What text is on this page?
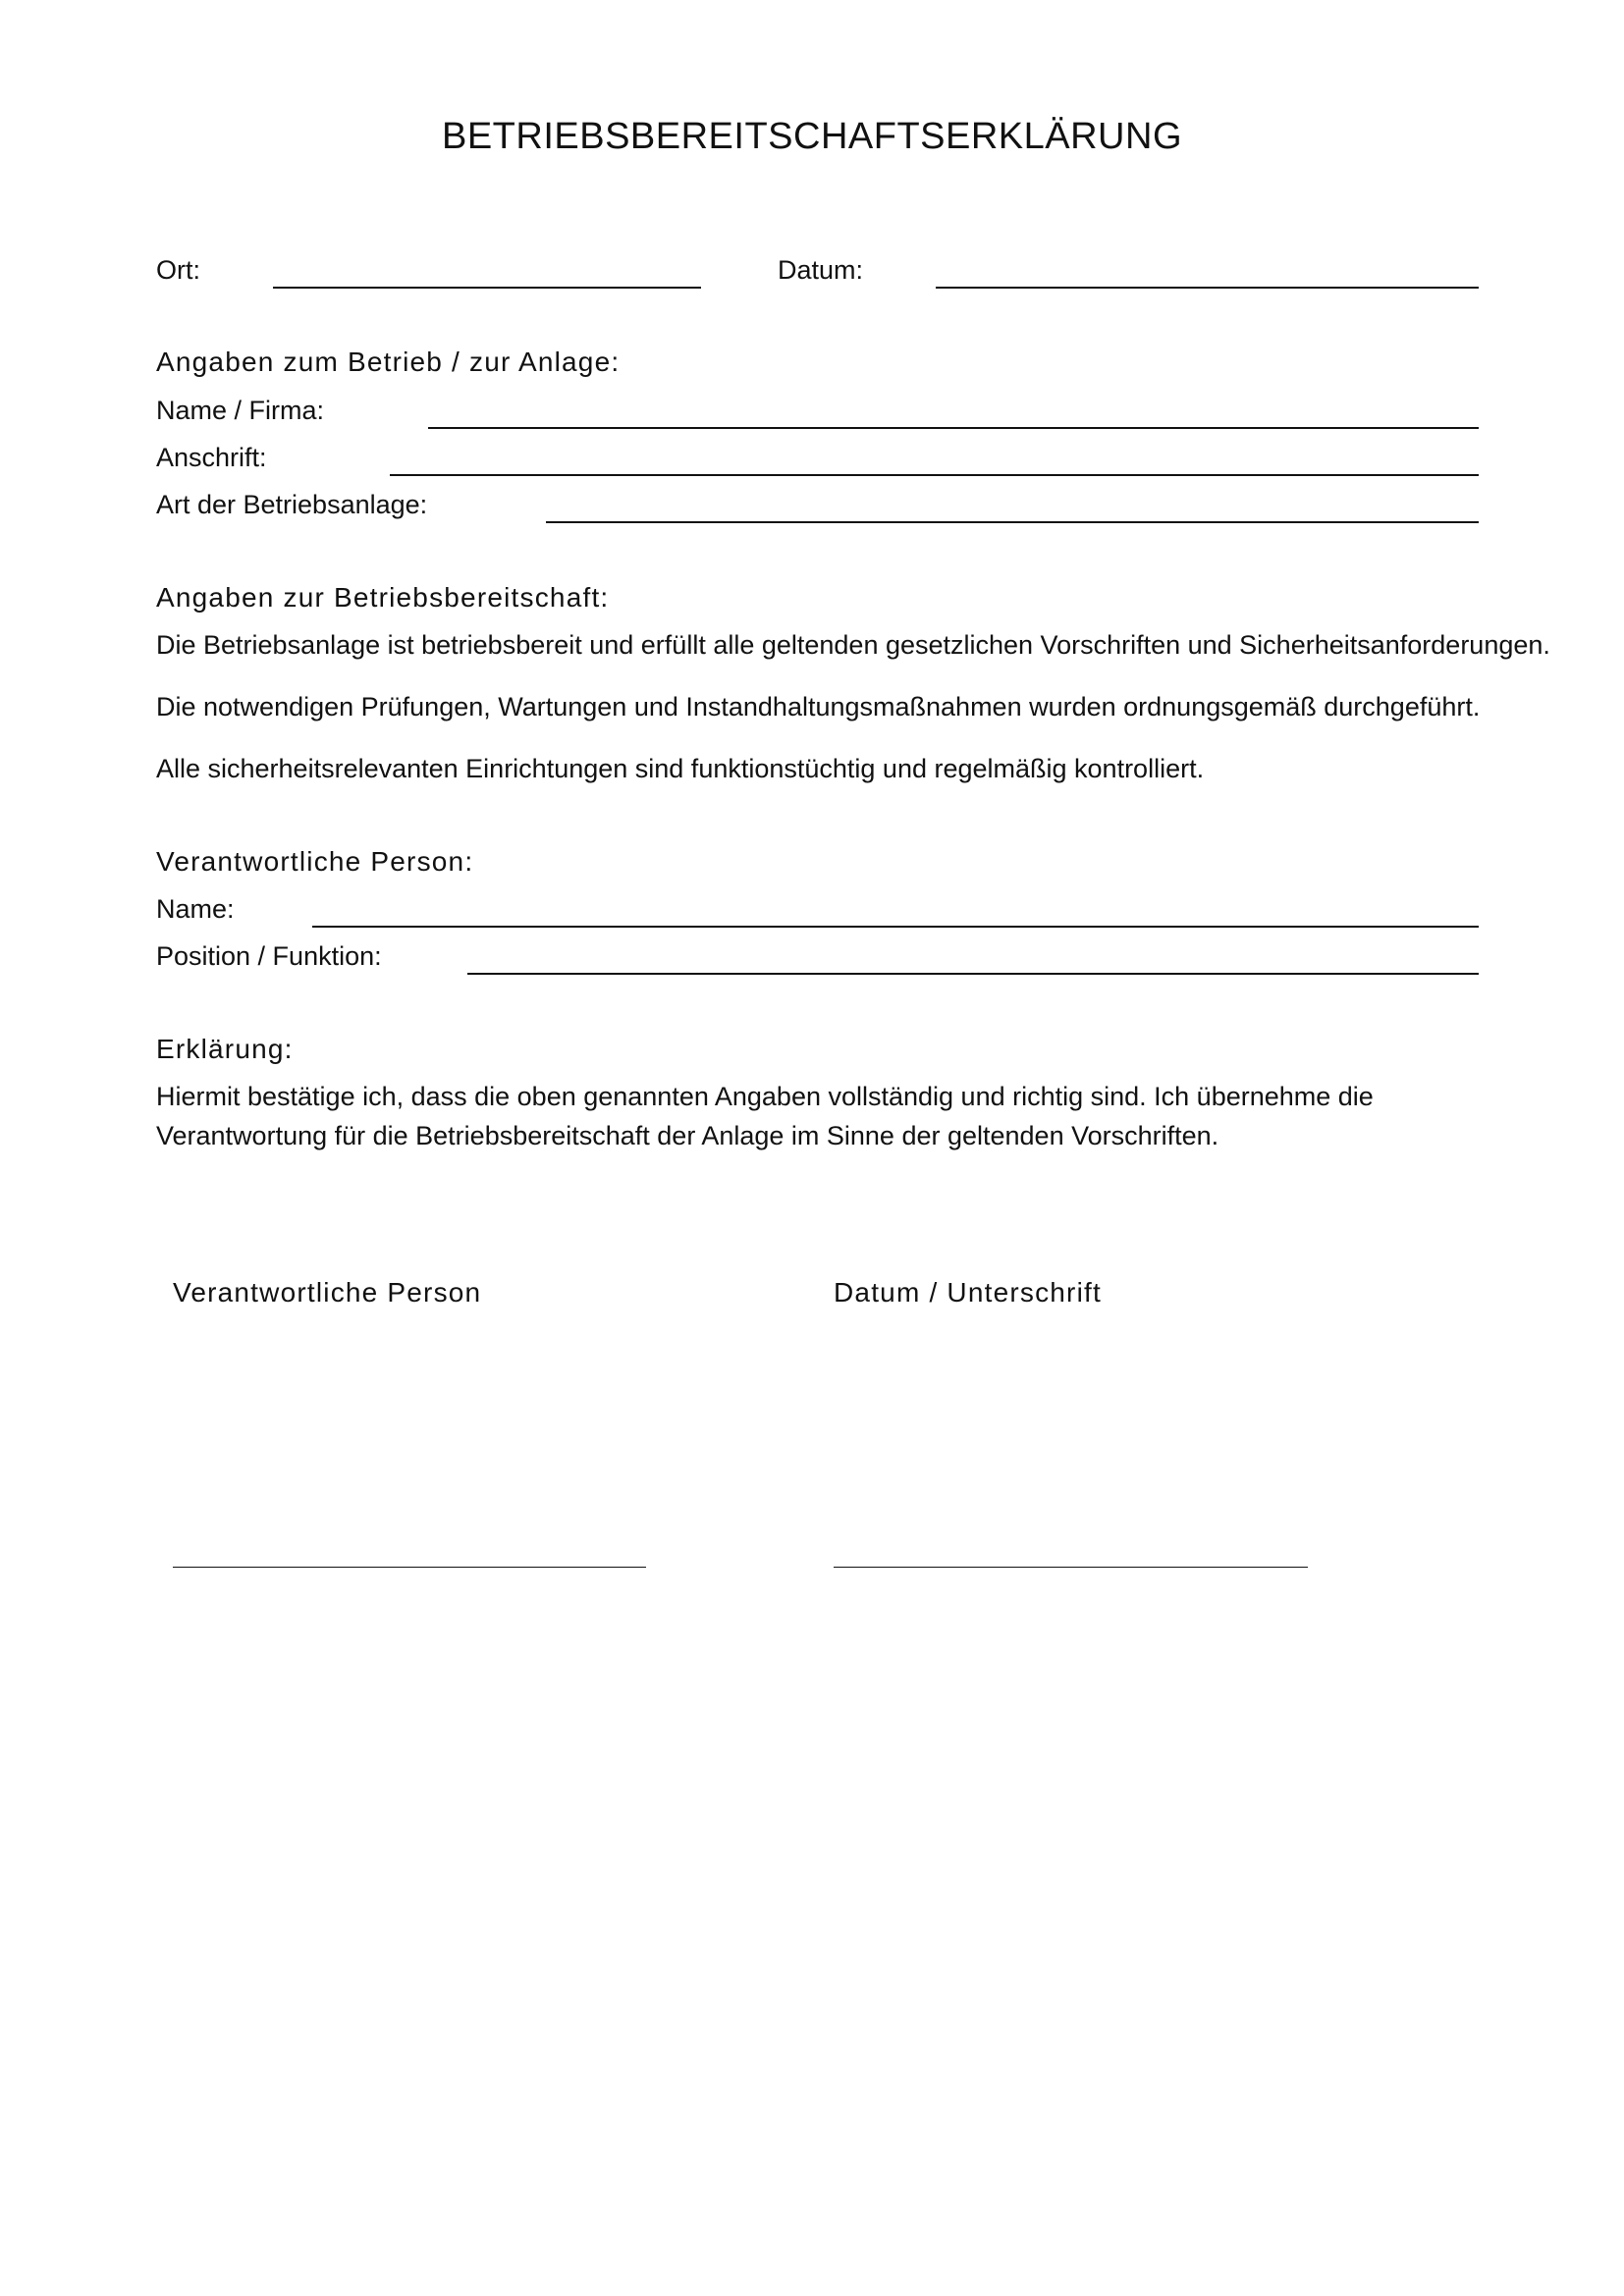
BETRIEBSBEREITSCHAFTSERKLÄRUNG
Ort:	Datum:
Angaben zum Betrieb / zur Anlage:
Name / Firma:
Anschrift:
Art der Betriebsanlage:
Angaben zur Betriebsbereitschaft:
Die Betriebsanlage ist betriebsbereit und erfüllt alle geltenden gesetzlichen Vorschriften und Sicherheitsanforderungen.
Die notwendigen Prüfungen, Wartungen und Instandhaltungsmaßnahmen wurden ordnungsgemäß durchgeführt.
Alle sicherheitsrelevanten Einrichtungen sind funktionstüchtig und regelmäßig kontrolliert.
Verantwortliche Person:
Name:
Position / Funktion:
Erklärung:
Hiermit bestätige ich, dass die oben genannten Angaben vollständig und richtig sind. Ich übernehme die
Verantwortung für die Betriebsbereitschaft der Anlage im Sinne der geltenden Vorschriften.
Verantwortliche Person	Datum / Unterschrift
